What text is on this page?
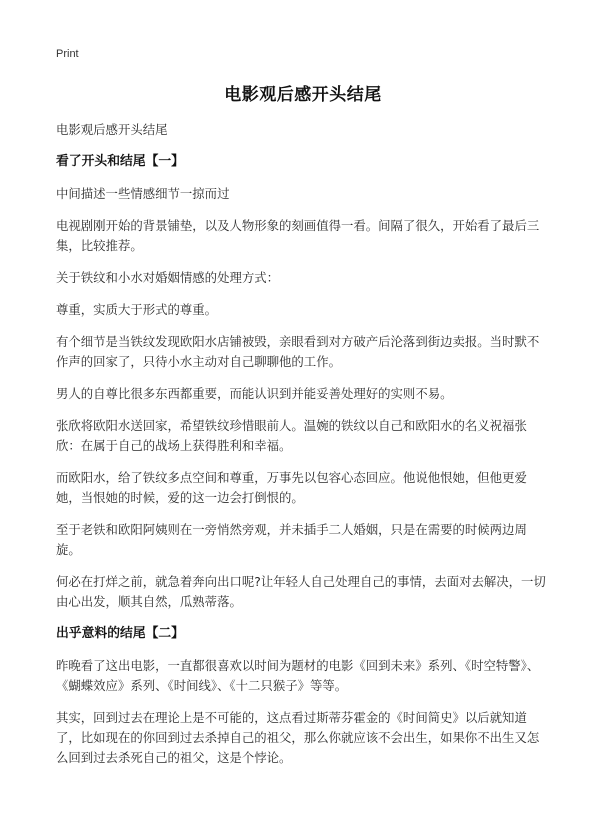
Print
电影观后感开头结尾

电影观后感开头结尾

看了开头和结尾【一】

中间描述一些情感细节一掠而过

电视剧刚开始的背景铺垫，以及人物形象的刻画值得一看。间隔了很久，开始看了最后三集，比较推荐。

关于铁纹和小水对婚姻情感的处理方式：

尊重，实质大于形式的尊重。

有个细节是当铁纹发现欧阳水店铺被毁，亲眼看到对方破产后沦落到街边卖报。当时默不作声的回家了，只待小水主动对自己聊聊他的工作。

男人的自尊比很多东西都重要，而能认识到并能妥善处理好的实则不易。

张欣将欧阳水送回家，希望铁纹珍惜眼前人。温婉的铁纹以自己和欧阳水的名义祝福张欣：在属于自己的战场上获得胜利和幸福。

而欧阳水，给了铁纹多点空间和尊重，万事先以包容心态回应。他说他恨她，但他更爱她，当恨她的时候，爱的这一边会打倒恨的。

至于老铁和欧阳阿姨则在一旁悄然旁观，并未插手二人婚姻，只是在需要的时候两边周旋。

何必在打烊之前，就急着奔向出口呢?让年轻人自己处理自己的事情，去面对去解决，一切由心出发，顺其自然，瓜熟蒂落。

出乎意料的结尾【二】

昨晚看了这出电影，一直都很喜欢以时间为题材的电影《回到未来》系列、《时空特警》、《蝴蝶效应》系列、《时间线》、《十二只猴子》等等。

其实，回到过去在理论上是不可能的，这点看过斯蒂芬霍金的《时间简史》以后就知道了，比如现在的你回到过去杀掉自己的祖父，那么你就应该不会出生，如果你不出生又怎么回到过去杀死自己的祖父，这是个悖论。
